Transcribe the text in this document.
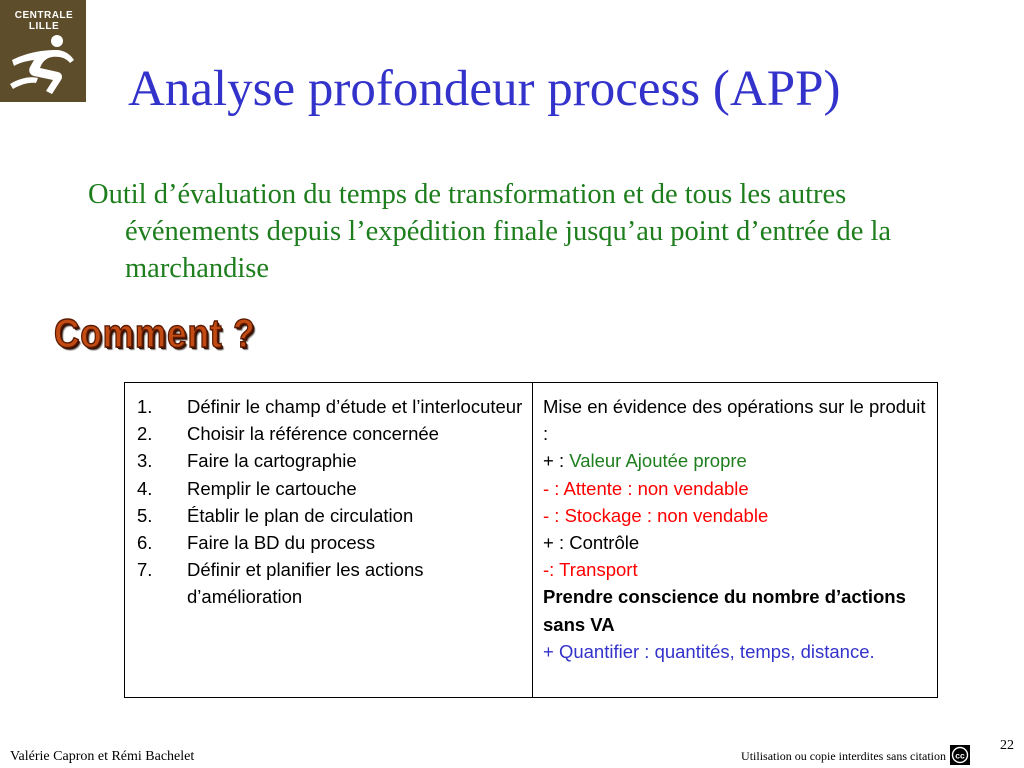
CENTRALE
LILLE
Analyse profondeur process (APP)
Outil d’évaluation du temps de transformation et de tous les autres événements depuis l’expédition finale jusqu’au point d’entrée de la marchandise
Comment ?
1.	Définir le champ d’étude et l’interlocuteur
2.	Choisir la référence concernée
3.	Faire la cartographie
4.	Remplir le cartouche
5.	Établir le plan de circulation
6.	Faire la BD du process
7.	Définir et planifier les actions d’amélioration
Mise en évidence des opérations sur le produit :
+ : Valeur Ajoutée propre
- : Attente : non vendable
- : Stockage : non vendable
+ : Contrôle
-: Transport
Prendre conscience du nombre d’actions sans VA
+ Quantifier : quantités, temps, distance.
Valérie Capron et Rémi Bachelet	Utilisation ou copie interdites sans citation cc
22
